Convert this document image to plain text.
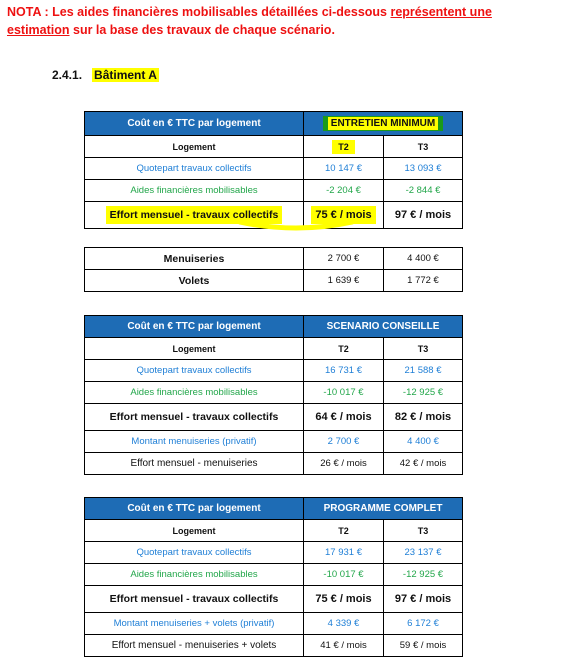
NOTA : Les aides financières mobilisables détaillées ci-dessous représentent une estimation sur la base des travaux de chaque scénario.
2.4.1. Bâtiment A
Coût en € TTC par logement	ENTRETIEN MINIMUM	
Logement	T2	T3
Quotepart travaux collectifs	10 147 €	13 093 €
Aides financières mobilisables	-2 204 €	-2 844 €
Effort mensuel - travaux collectifs	75 € / mois	97 € / mois
Menuiseries	2 700 €	4 400 €
Volets	1 639 €	1 772 €
Coût en € TTC par logement	SCENARIO CONSEILLE	
Logement	T2	T3
Quotepart travaux collectifs	16 731 €	21 588 €
Aides financières mobilisables	-10 017 €	-12 925 €
Effort mensuel - travaux collectifs	64 € / mois	82 € / mois
Montant menuiseries (privatif)	2 700 €	4 400 €
Effort mensuel - menuiseries	26 € / mois	42 € / mois
Coût en € TTC par logement	PROGRAMME COMPLET	
Logement	T2	T3
Quotepart travaux collectifs	17 931 €	23 137 €
Aides financières mobilisables	-10 017 €	-12 925 €
Effort mensuel - travaux collectifs	75 € / mois	97 € / mois
Montant menuiseries + volets (privatif)	4 339 €	6 172 €
Effort mensuel - menuiseries + volets	41 € / mois	59 € / mois
